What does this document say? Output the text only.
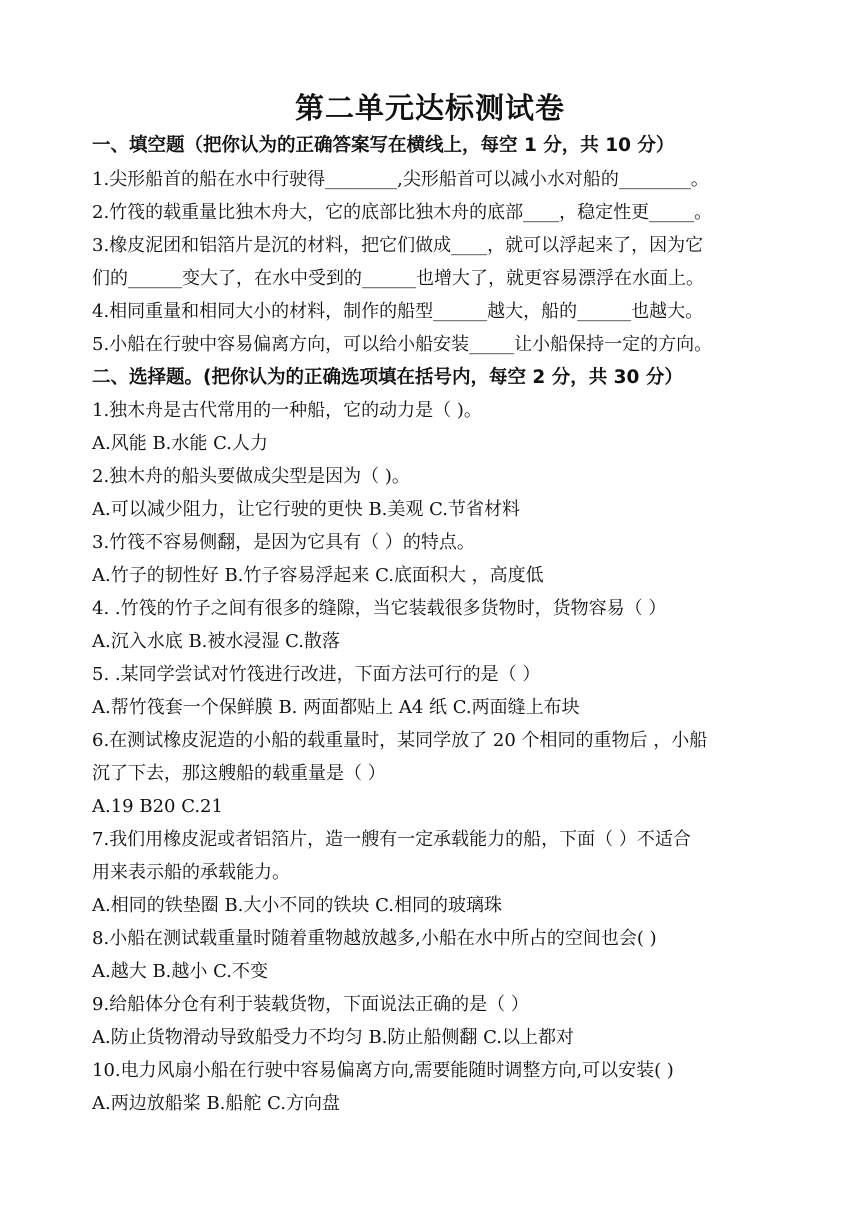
第二单元达标测试卷
一、填空题（把你认为的正确答案写在横线上，每空 1 分，共 10 分）
1.尖形船首的船在水中行驶得________,尖形船首可以减小水对船的________。
2.竹筏的载重量比独木舟大，它的底部比独木舟的底部____，稳定性更_____。
3.橡皮泥团和铝箔片是沉的材料，把它们做成____，就可以浮起来了，因为它
们的______变大了，在水中受到的______也增大了，就更容易漂浮在水面上。
4.相同重量和相同大小的材料，制作的船型______越大，船的______也越大。
5.小船在行驶中容易偏离方向，可以给小船安装_____让小船保持一定的方向。
二、选择题。(把你认为的正确选项填在括号内，每空 2 分，共 30 分）
1.独木舟是古代常用的一种船，它的动力是（ )。
A.风能 B.水能 C.人力
2.独木舟的船头要做成尖型是因为（ )。
A.可以减少阻力，让它行驶的更快 B.美观 C.节省材料
3.竹筏不容易侧翻，是因为它具有（ ）的特点。
A.竹子的韧性好 B.竹子容易浮起来 C.底面积大 ，高度低
4. .竹筏的竹子之间有很多的缝隙，当它装载很多货物时，货物容易（ ）
A.沉入水底 B.被水浸湿 C.散落
5. .某同学尝试对竹筏进行改进，下面方法可行的是（ ）
A.帮竹筏套一个保鲜膜 B. 两面都贴上 A4 纸 C.两面缝上布块
6.在测试橡皮泥造的小船的载重量时，某同学放了 20 个相同的重物后 ，小船
沉了下去，那这艘船的载重量是（ ）
A.19 B20 C.21
7.我们用橡皮泥或者铝箔片，造一艘有一定承载能力的船，下面（ ）不适合
用来表示船的承载能力。
A.相同的铁垫圈 B.大小不同的铁块 C.相同的玻璃珠
8.小船在测试载重量时随着重物越放越多,小船在水中所占的空间也会( )
A.越大 B.越小 C.不变
9.给船体分仓有利于装载货物，下面说法正确的是（ ）
A.防止货物滑动导致船受力不均匀 B.防止船侧翻 C.以上都对
10.电力风扇小船在行驶中容易偏离方向,需要能随时调整方向,可以安装( )
A.两边放船桨 B.船舵 C.方向盘
